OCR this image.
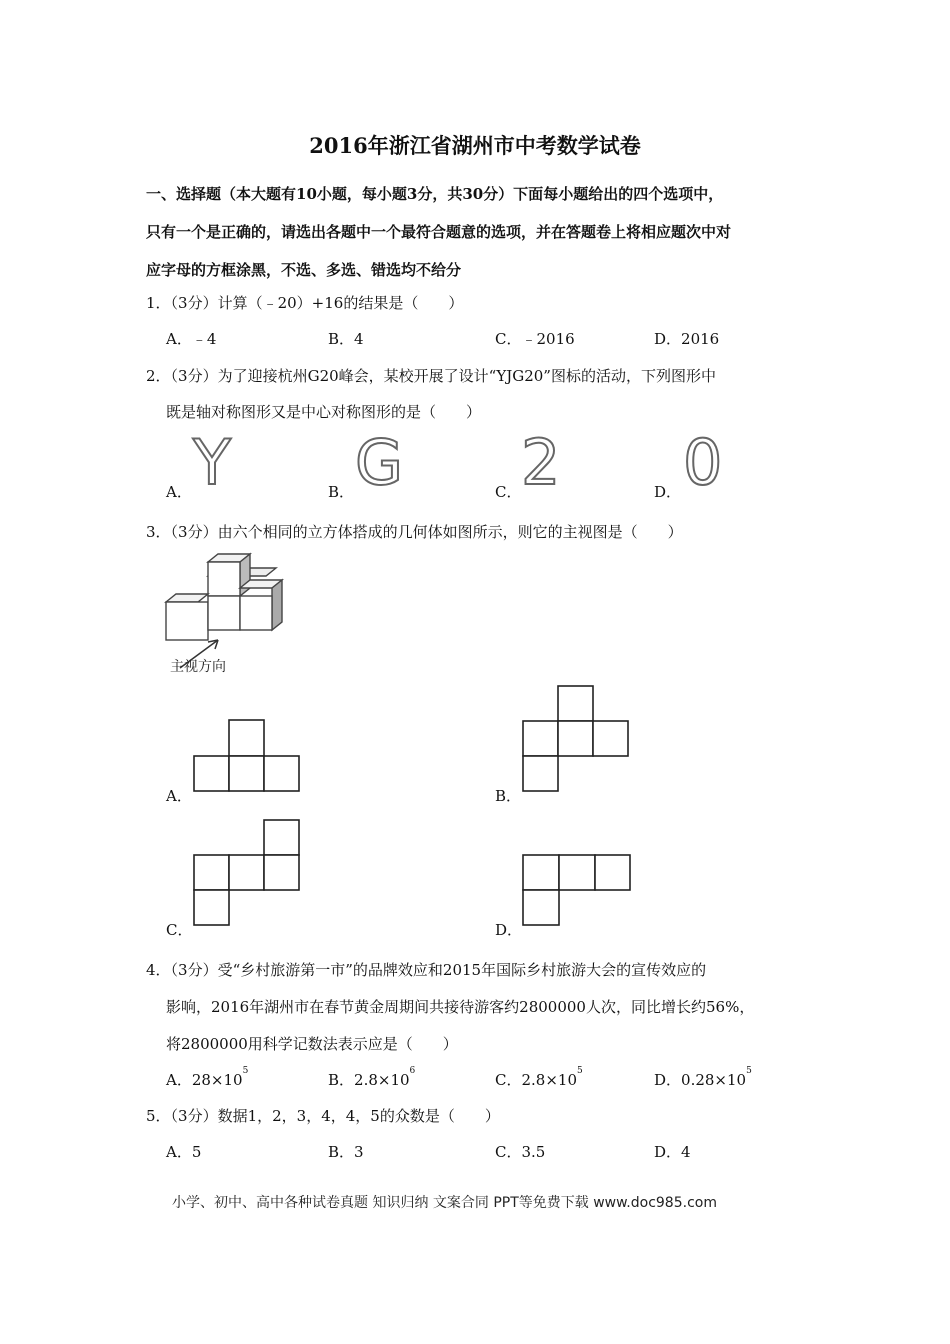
2016年浙江省湖州市中考数学试卷
一、选择题（本大题有10小题，每小题3分，共30分）下面每小题给出的四个选项中，
只有一个是正确的，请选出各题中一个最符合题意的选项，并在答题卷上将相应题次中对
应字母的方框涂黑，不选、多选、错选均不给分
1．（3分）计算（﹣20）+16的结果是（　　）
A．﹣4	B．4	C．﹣2016	D．2016
2．（3分）为了迎接杭州G20峰会，某校开展了设计“YJG20”图标的活动，下列图形中
既是轴对称图形又是中心对称图形的是（　　）
A． Y	B． G	C． 2	D． 0
3．（3分）由六个相同的立方体搭成的几何体如图所示，则它的主视图是（　　）
主视方向
A．	B．
C．	D．
4．（3分）受“乡村旅游第一市”的品牌效应和2015年国际乡村旅游大会的宣传效应的
影响，2016年湖州市在春节黄金周期间共接待游客约2800000人次，同比增长约56%，
将2800000用科学记数法表示应是（　　）
A．$28\times 10^5$	B．$2.8\times 10^6$	C．$2.8\times 10^5$	D．$0.28\times 10^5$
5．（3分）数据1，2，3，4，4，5的众数是（　　）
A．5	B．3	C．3.5	D．4
小学、初中、高中各种试卷真题 知识归纳 文案合同 PPT等免费下载 www.doc985.com
